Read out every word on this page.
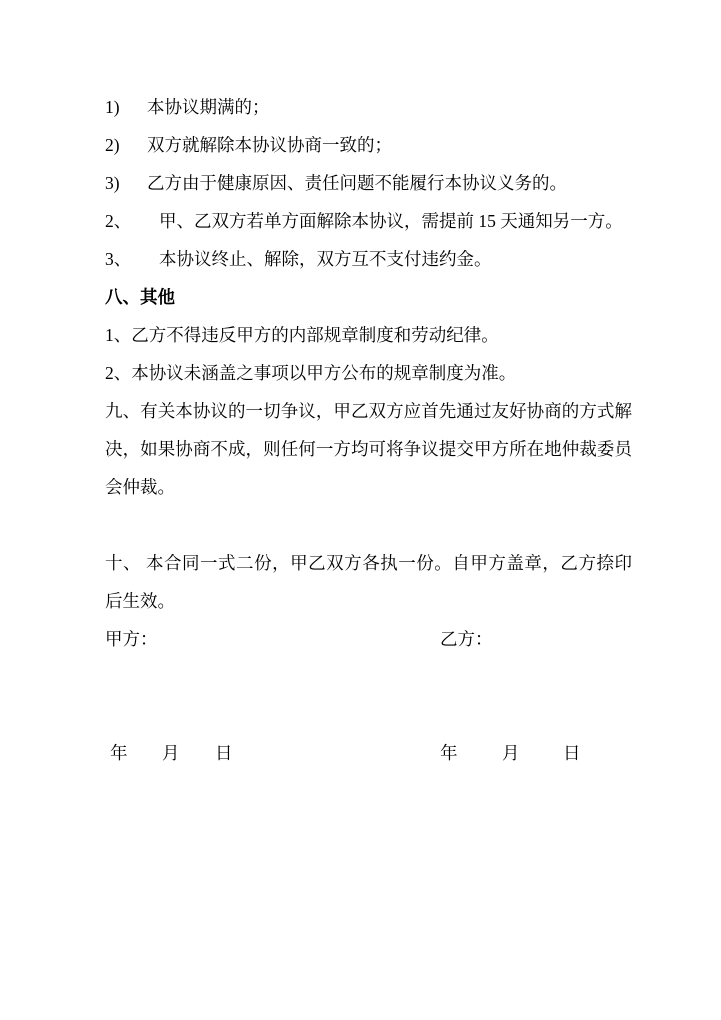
1) 本协议期满的；

2) 双方就解除本协议协商一致的；

3) 乙方由于健康原因、责任问题不能履行本协议义务的。

2、 甲、乙双方若单方面解除本协议，需提前 15 天通知另一方。

3、 本协议终止、解除，双方互不支付违约金。

八、其他

1、乙方不得违反甲方的内部规章制度和劳动纪律。

2、本协议未涵盖之事项以甲方公布的规章制度为准。

九、有关本协议的一切争议，甲乙双方应首先通过友好协商的方式解决，如果协商不成，则任何一方均可将争议提交甲方所在地仲裁委员会仲裁。

十、 本合同一式二份，甲乙双方各执一份。自甲方盖章，乙方捺印后生效。

甲方：	乙方：
年 月 日	年	月 日
